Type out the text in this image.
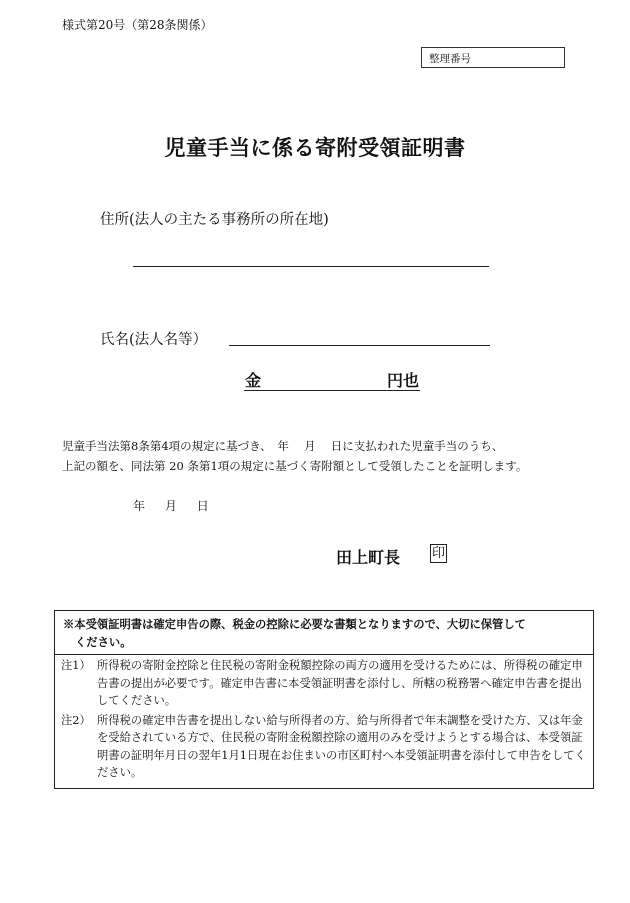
様式第20号（第28条関係）
整理番号
児童手当に係る寄附受領証明書
住所(法人の主たる事務所の所在地)
氏名(法人名等）
金	円也
児童手当法第8条第4項の規定に基づき、　年　 月　 日に支払われた児童手当のうち、
上記の額を、同法第 20 条第1項の規定に基づく寄附額として受領したことを証明します。
年 月 日
田上町長 印
※本受領証明書は確定申告の際、税金の控除に必要な書類となりますので、大切に保管して
ください。
注1） 所得税の寄附金控除と住民税の寄附金税額控除の両方の適用を受けるためには、所得税の確定申告書の提出が必要です。確定申告書に本受領証明書を添付し、所轄の税務署へ確定申告書を提出してください。
注2） 所得税の確定申告書を提出しない給与所得者の方、給与所得者で年末調整を受けた方、又は年金を受給されている方で、住民税の寄附金税額控除の適用のみを受けようとする場合は、本受領証明書の証明年月日の翌年1月1日現在お住まいの市区町村へ本受領証明書を添付して申告をしてください。
